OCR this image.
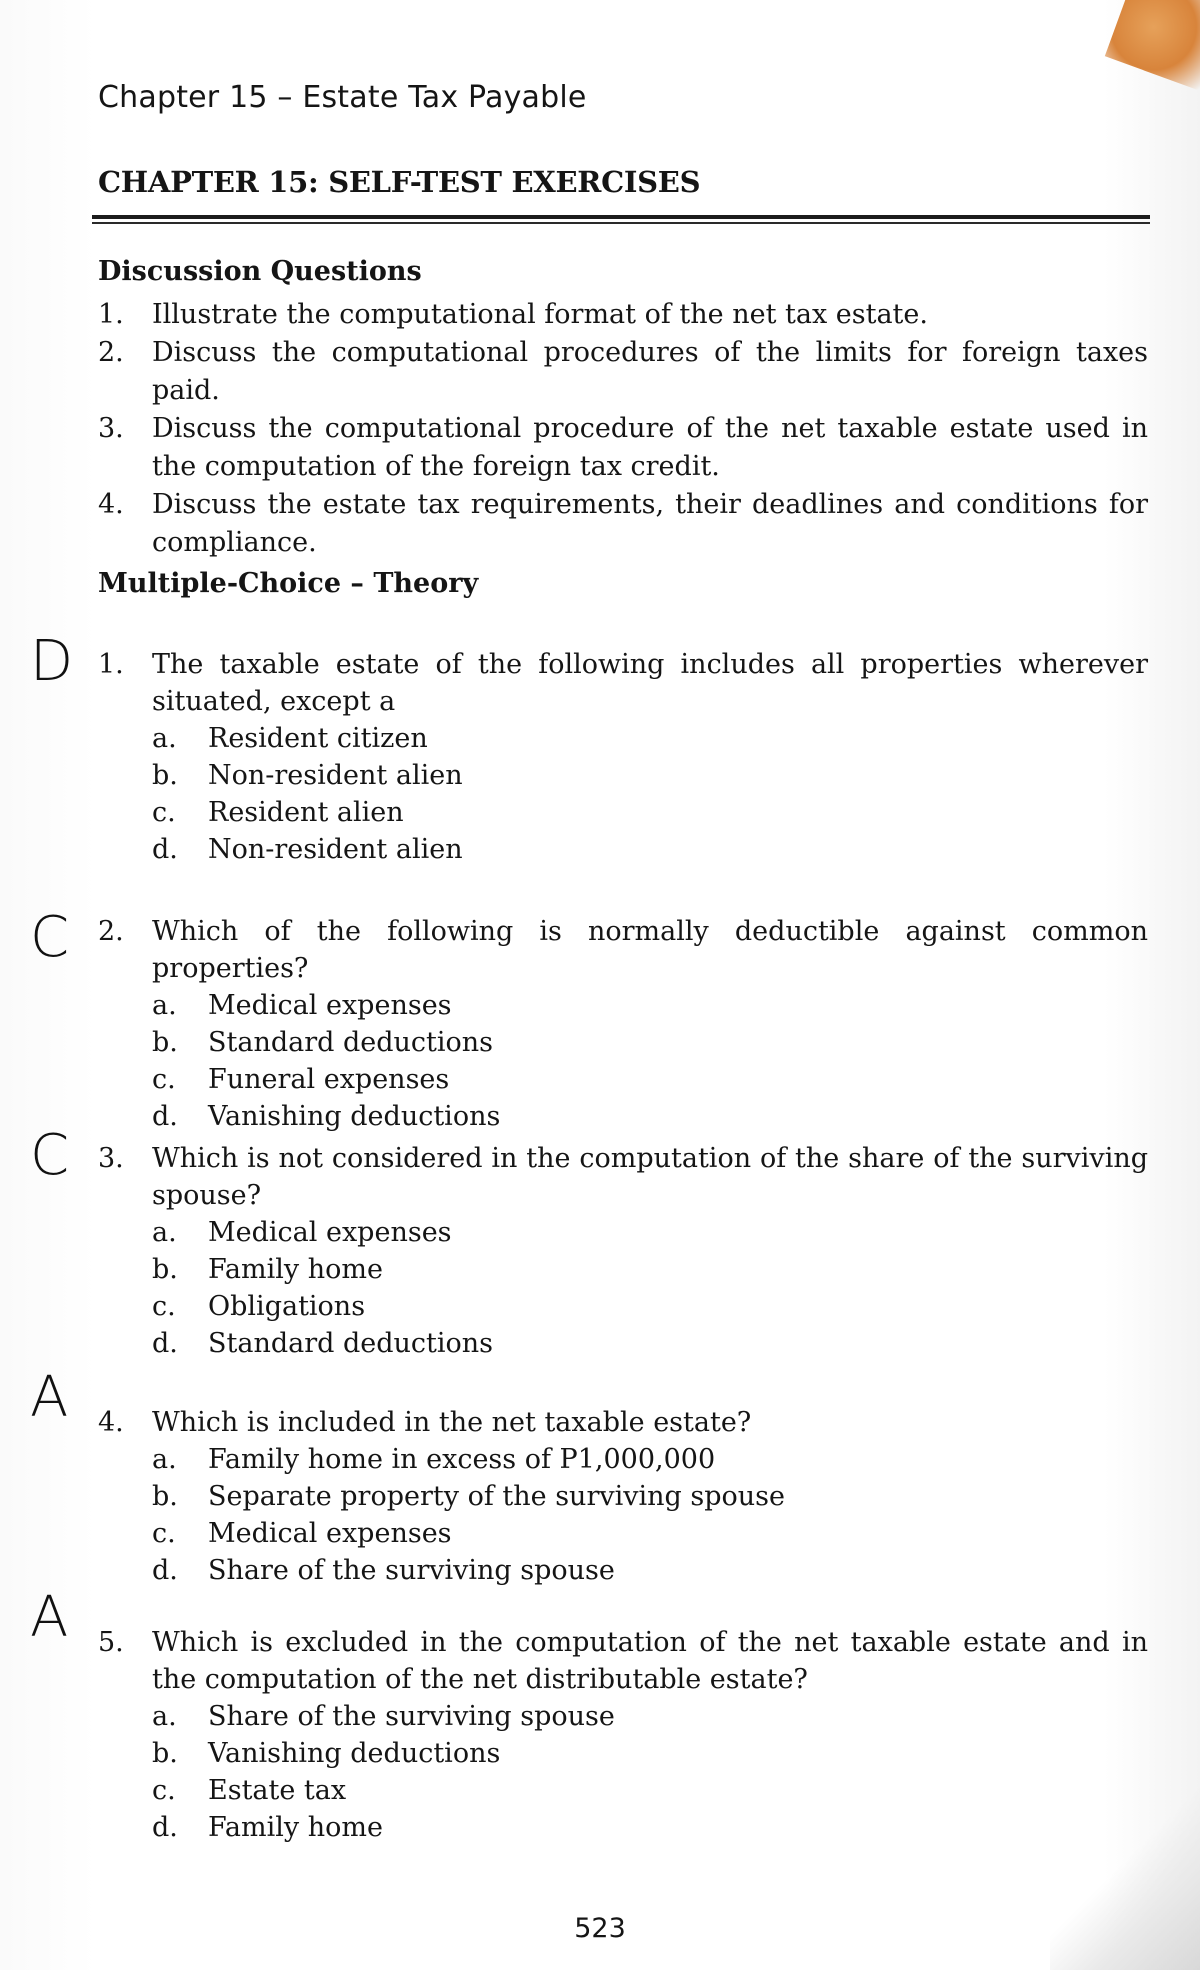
Chapter 15 – Estate Tax Payable
CHAPTER 15: SELF-TEST EXERCISES
Discussion Questions
1. Illustrate the computational format of the net tax estate.
2. Discuss the computational procedures of the limits for foreign taxes paid.
3. Discuss the computational procedure of the net taxable estate used in the computation of the foreign tax credit.
4. Discuss the estate tax requirements, their deadlines and conditions for compliance.
Multiple-Choice – Theory
D 1. The taxable estate of the following includes all properties wherever situated, except a
a. Resident citizen
b. Non-resident alien
c. Resident alien
d. Non-resident alien
C 2. Which of the following is normally deductible against common properties?
a. Medical expenses
b. Standard deductions
c. Funeral expenses
d. Vanishing deductions
C 3. Which is not considered in the computation of the share of the surviving spouse?
a. Medical expenses
b. Family home
c. Obligations
d. Standard deductions
A 4. Which is included in the net taxable estate?
a. Family home in excess of P1,000,000
b. Separate property of the surviving spouse
c. Medical expenses
d. Share of the surviving spouse
A 5. Which is excluded in the computation of the net taxable estate and in the computation of the net distributable estate?
a. Share of the surviving spouse
b. Vanishing deductions
c. Estate tax
d. Family home
523
